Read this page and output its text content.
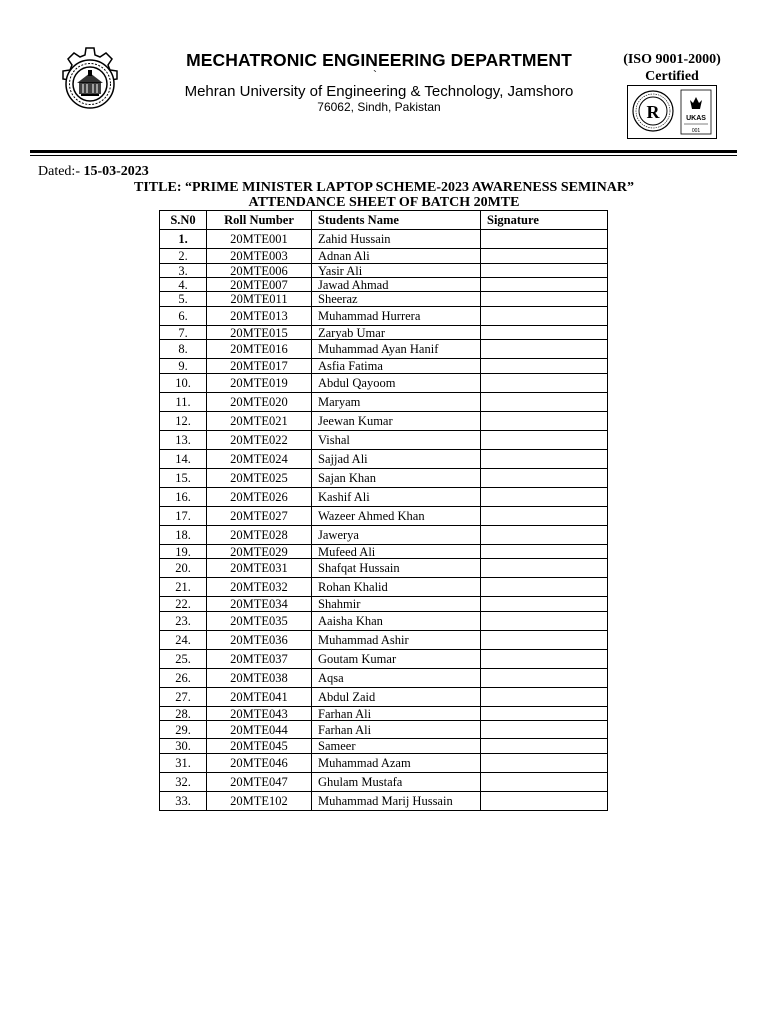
MECHATRONIC ENGINEERING DEPARTMENT
`
Mehran University of Engineering & Technology, Jamshoro
76062, Sindh, Pakistan
(ISO 9001-2000)
Certified
R	UKAS
001
Dated:- 15-03-2023
TITLE: “PRIME MINISTER LAPTOP SCHEME-2023 AWARENESS SEMINAR”
ATTENDANCE SHEET OF BATCH 20MTE
S.N0	Roll Number	Students Name	Signature
1.	20MTE001	Zahid Hussain	
2.	20MTE003	Adnan Ali	
3.	20MTE006	Yasir Ali	
4.	20MTE007	Jawad Ahmad	
5.	20MTE011	Sheeraz	
6.	20MTE013	Muhammad Hurrera	
7.	20MTE015	Zaryab Umar	
8.	20MTE016	Muhammad Ayan Hanif	
9.	20MTE017	Asfia Fatima	
10.	20MTE019	Abdul Qayoom	
11.	20MTE020	Maryam	
12.	20MTE021	Jeewan Kumar	
13.	20MTE022	Vishal	
14.	20MTE024	Sajjad Ali	
15.	20MTE025	Sajan Khan	
16.	20MTE026	Kashif Ali	
17.	20MTE027	Wazeer Ahmed Khan	
18.	20MTE028	Jawerya	
19.	20MTE029	Mufeed Ali	
20.	20MTE031	Shafqat Hussain	
21.	20MTE032	Rohan Khalid	
22.	20MTE034	Shahmir	
23.	20MTE035	Aaisha Khan	
24.	20MTE036	Muhammad Ashir	
25.	20MTE037	Goutam Kumar	
26.	20MTE038	Aqsa	
27.	20MTE041	Abdul Zaid	
28.	20MTE043	Farhan Ali	
29.	20MTE044	Farhan Ali	
30.	20MTE045	Sameer	
31.	20MTE046	Muhammad Azam	
32.	20MTE047	Ghulam Mustafa	
33.	20MTE102	Muhammad Marij Hussain	
